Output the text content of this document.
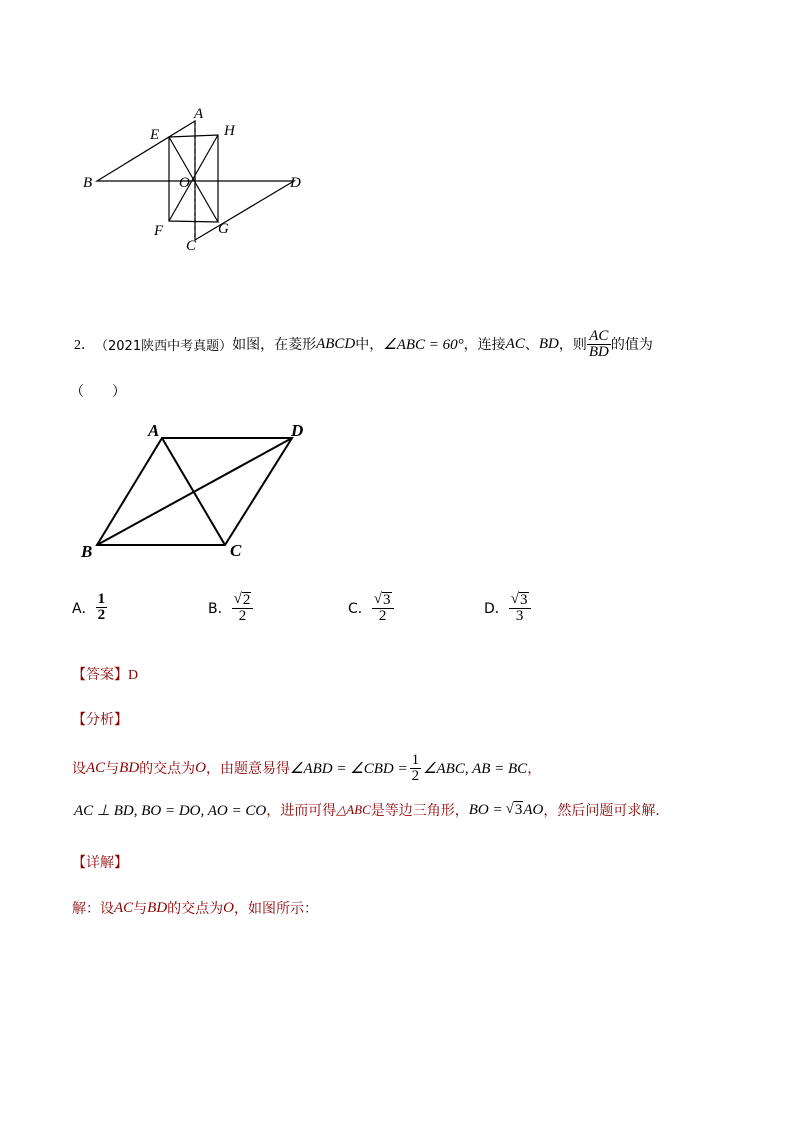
A
E	H
B	O	D
F	G
C
2． （2021陕西中考真题） 如图，在菱形 ABCD 中， ∠ABC = 60° ，连接 AC 、 BD ，则 $\frac{AC}{BD}$ 的值为
（　　）
A	D
B	C
A． $\frac{1}{2}$	B． $\frac{√ 2}{2}$	C． $\frac{√ 3}{2}$	D． $\frac{√ 3}{3}$
【答案】D
【分析】
设 AC 与 BD 的交点为 O ，由题意易得 ∠ABD = ∠CBD = $\frac{1}{2}$ ∠ABC, AB = BC ，
AC ⊥ BD, BO = DO, AO = CO ，进而可得 △ABC 是等边三角形， BO = √ 3 AO ，然后问题可求解．
【详解】
解：设 AC 与 BD 的交点为 O ，如图所示：
